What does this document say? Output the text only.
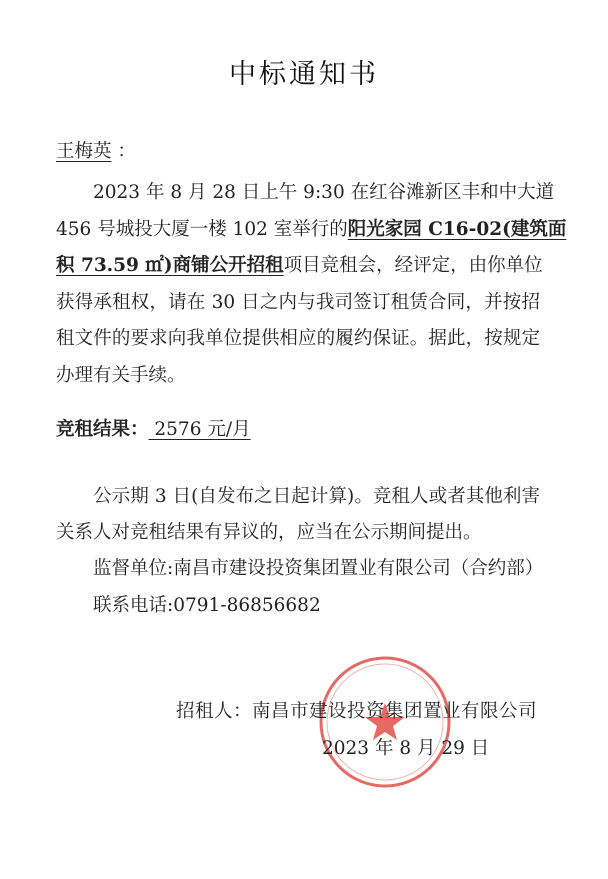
中标通知书
王梅英 ：
　　2023 年 8 月 28 日上午 9:30 在红谷滩新区丰和中大道
456 号城投大厦一楼 102 室举行的阳光家园 C16-02(建筑面
积 73.59 ㎡)商铺公开招租项目竞租会，经评定，由你单位
获得承租权，请在 30 日之内与我司签订租赁合同，并按招
租文件的要求向我单位提供相应的履约保证。据此，按规定
办理有关手续。
竞租结果： 2576 元/月
　　公示期 3 日(自发布之日起计算)。竞租人或者其他利害
关系人对竞租结果有异议的，应当在公示期间提出。
　　监督单位:南昌市建设投资集团置业有限公司（合约部）
　　联系电话:0791-86856682
招租人：南昌市建设投资集团置业有限公司
2023 年 8 月 29 日
